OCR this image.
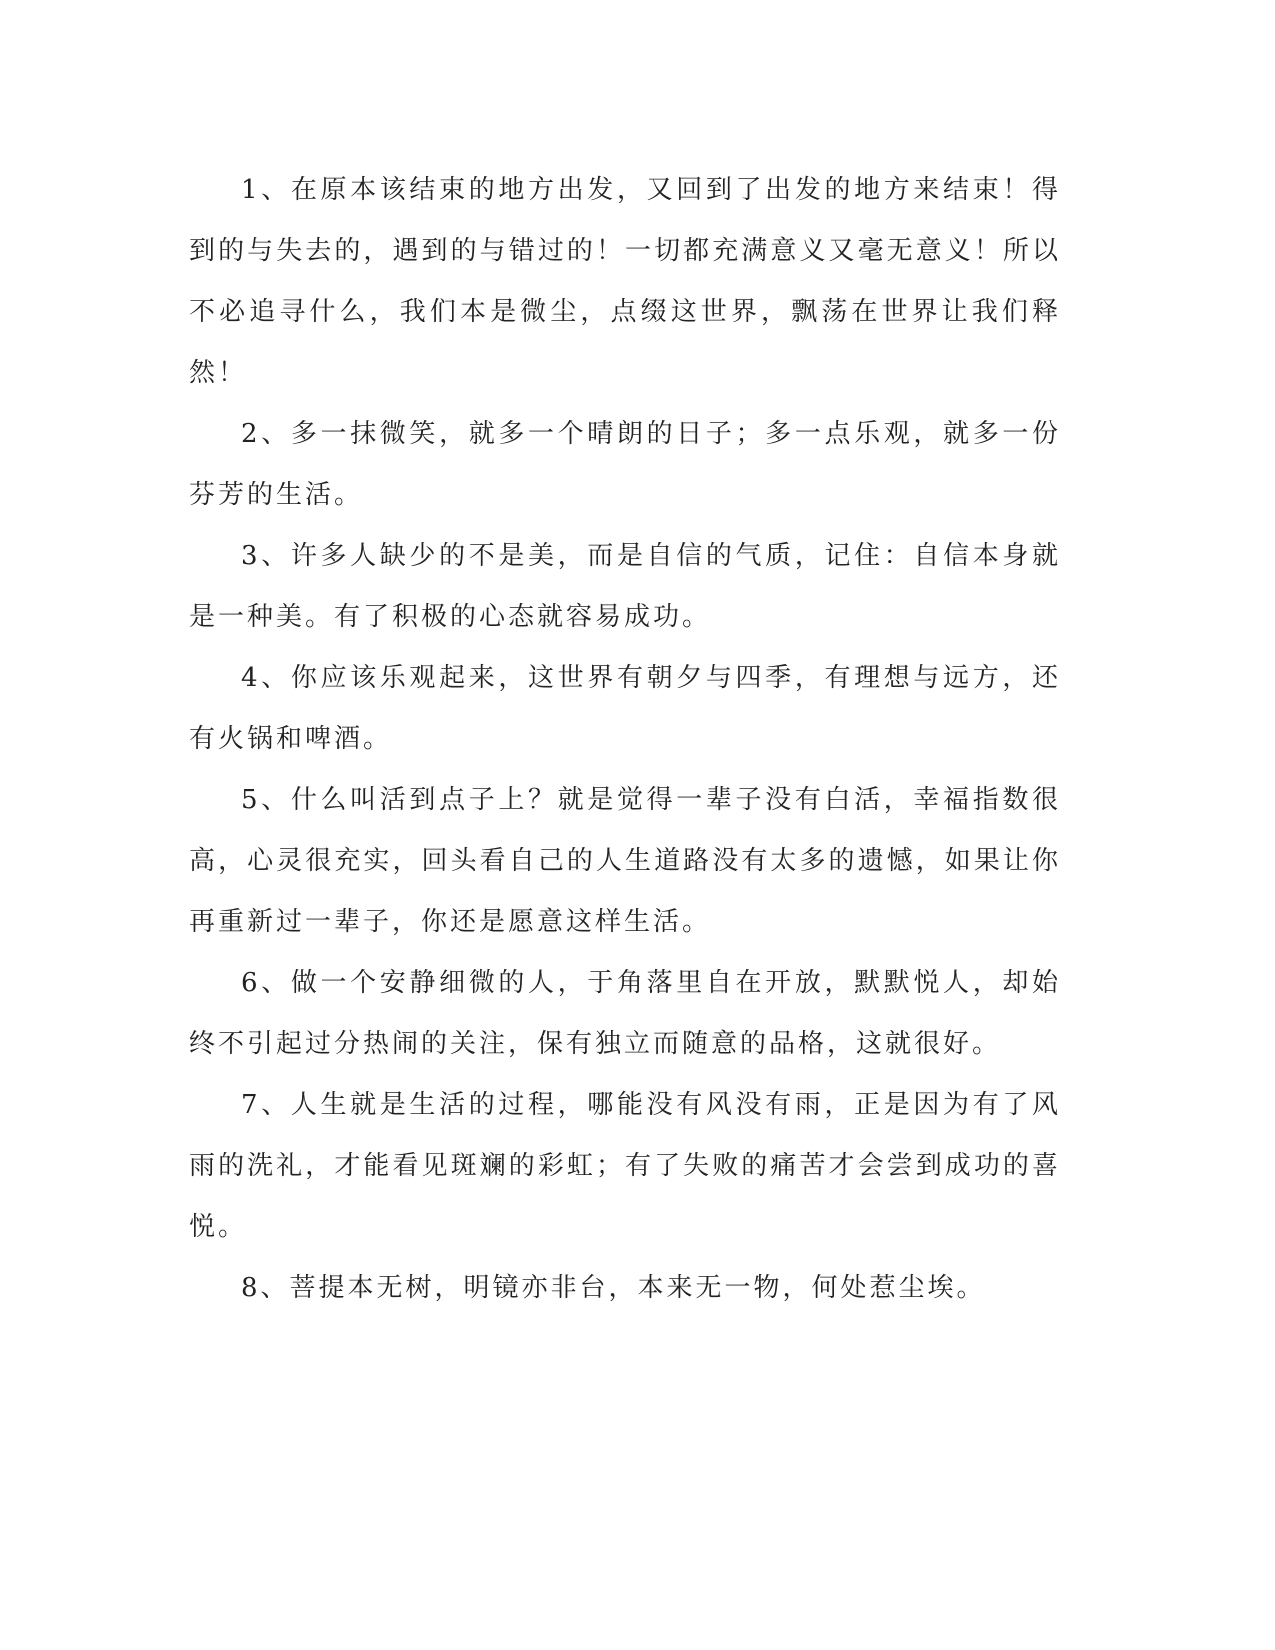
1、在原本该结束的地方出发，又回到了出发的地方来结束！得到的与失去的，遇到的与错过的！一切都充满意义又毫无意义！所以不必追寻什么，我们本是微尘，点缀这世界，飘荡在世界让我们释然！

2、多一抹微笑，就多一个晴朗的日子；多一点乐观，就多一份芬芳的生活。

3、许多人缺少的不是美，而是自信的气质，记住：自信本身就是一种美。有了积极的心态就容易成功。

4、你应该乐观起来，这世界有朝夕与四季，有理想与远方，还有火锅和啤酒。

5、什么叫活到点子上？就是觉得一辈子没有白活，幸福指数很高，心灵很充实，回头看自己的人生道路没有太多的遗憾，如果让你再重新过一辈子，你还是愿意这样生活。

6、做一个安静细微的人，于角落里自在开放，默默悦人，却始终不引起过分热闹的关注，保有独立而随意的品格，这就很好。

7、人生就是生活的过程，哪能没有风没有雨，正是因为有了风雨的洗礼，才能看见斑斓的彩虹；有了失败的痛苦才会尝到成功的喜悦。

8、菩提本无树，明镜亦非台，本来无一物，何处惹尘埃。
